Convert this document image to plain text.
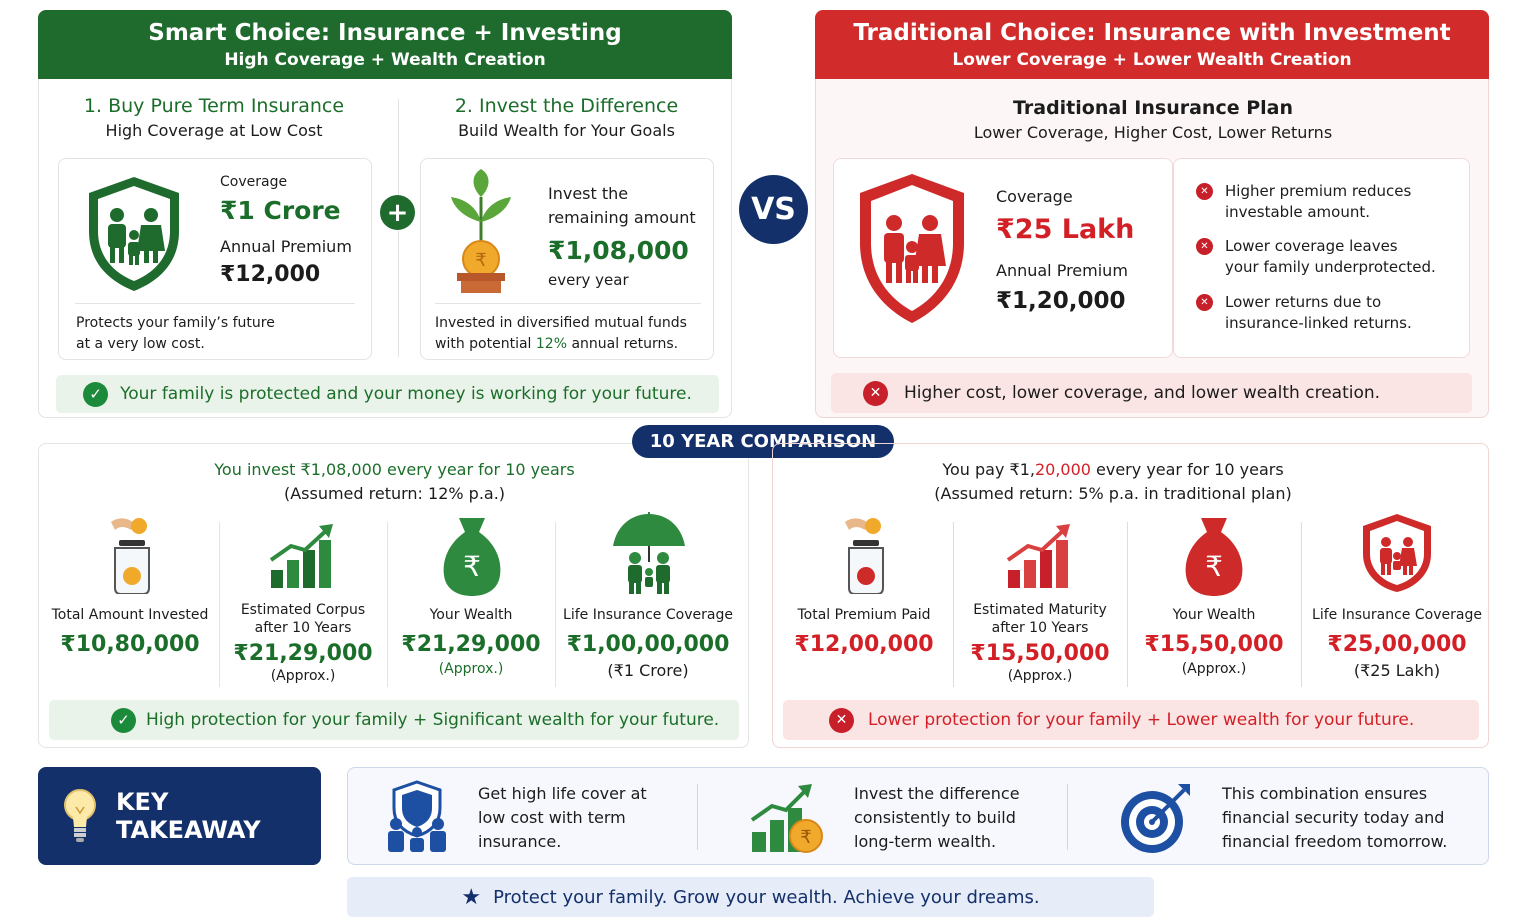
Smart Choice: Insurance + Investing
High Coverage + Wealth Creation
1. Buy Pure Term Insurance
High Coverage at Low Cost
2. Invest the Difference
Build Wealth for Your Goals
Coverage
₹1 Crore
Annual Premium
₹12,000
Protects your family’s future
at a very low cost.
+
₹
Invest the
remaining amount
₹1,08,000
every year
Invested in diversified mutual funds
with potential 12% annual returns.
✓	Your family is protected and your money is working for your future.
VS
Traditional Choice: Insurance with Investment
Lower Coverage + Lower Wealth Creation
Traditional Insurance Plan
Lower Coverage, Higher Cost, Lower Returns
Coverage
₹25 Lakh
Annual Premium
₹1,20,000
✕ Higher premium reduces
investable amount.
✕ Lower coverage leaves
your family underprotected.
✕ Lower returns due to
insurance-linked returns.
✕	Higher cost, lower coverage, and lower wealth creation.
You invest ₹1,08,000 every year for 10 years
(Assumed return: 12% p.a.)
Total Amount Invested
₹10,80,000
Estimated Corpus
after 10 Years
₹21,29,000
(Approx.)
₹
Your Wealth
₹21,29,000
(Approx.)
Life Insurance Coverage
₹1,00,00,000
(₹1 Crore)
✓ High protection for your family + Significant wealth for your future.
10 YEAR COMPARISON
You pay ₹1,20,000 every year for 10 years
(Assumed return: 5% p.a. in traditional plan)
Total Premium Paid
₹12,00,000
Estimated Maturity
after 10 Years
₹15,50,000
(Approx.)
₹
Your Wealth
₹15,50,000
(Approx.)
Life Insurance Coverage
₹25,00,000
(₹25 Lakh)
✕	Lower protection for your family + Lower wealth for your future.
KEY TAKEAWAY
Get high life cover at
low cost with term
insurance.	₹
Invest the difference
consistently to build
long-term wealth.
This combination ensures
financial security today and
financial freedom tomorrow.
★ Protect your family. Grow your wealth. Achieve your dreams.
